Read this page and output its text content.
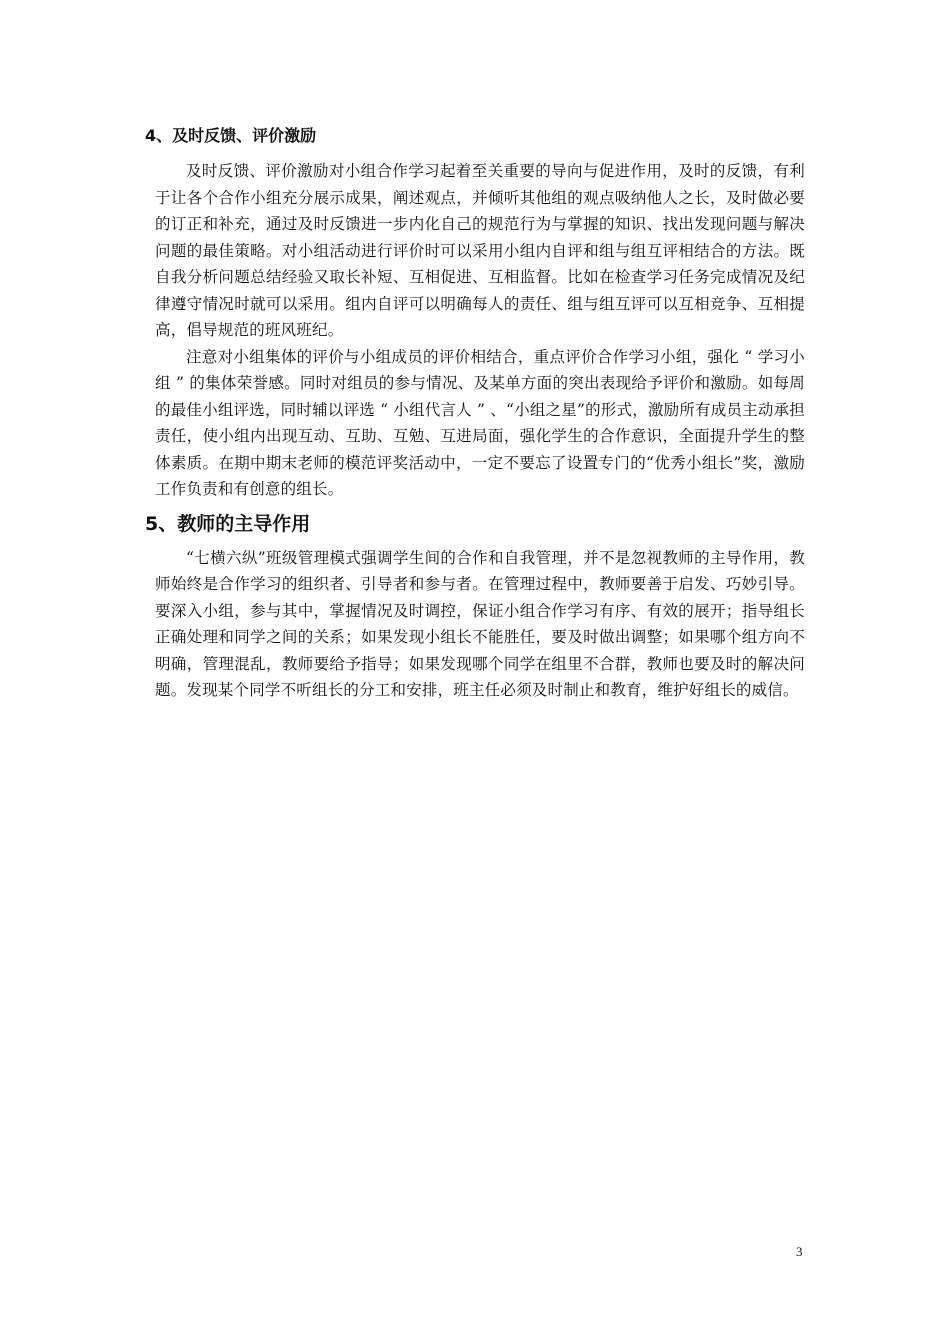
4、及时反馈、评价激励

及时反馈、评价激励对小组合作学习起着至关重要的导向与促进作用，及时的反馈，有利于让各个合作小组充分展示成果，阐述观点，并倾听其他组的观点吸纳他人之长，及时做必要的订正和补充，通过及时反馈进一步内化自己的规范行为与掌握的知识、找出发现问题与解决问题的最佳策略。对小组活动进行评价时可以采用小组内自评和组与组互评相结合的方法。既自我分析问题总结经验又取长补短、互相促进、互相监督。比如在检查学习任务完成情况及纪律遵守情况时就可以采用。组内自评可以明确每人的责任、组与组互评可以互相竞争、互相提高，倡导规范的班风班纪。

注意对小组集体的评价与小组成员的评价相结合，重点评价合作学习小组，强化 “ 学习小组 ” 的集体荣誉感。同时对组员的参与情况、及某单方面的突出表现给予评价和激励。如每周的最佳小组评选，同时辅以评选 “ 小组代言人 ” 、“小组之星”的形式，激励所有成员主动承担责任，使小组内出现互动、互助、互勉、互进局面，强化学生的合作意识，全面提升学生的整体素质。在期中期末老师的模范评奖活动中，一定不要忘了设置专门的“优秀小组长”奖，激励工作负责和有创意的组长。

5、教师的主导作用

“七横六纵”班级管理模式强调学生间的合作和自我管理，并不是忽视教师的主导作用，教师始终是合作学习的组织者、引导者和参与者。在管理过程中，教师要善于启发、巧妙引导。要深入小组，参与其中，掌握情况及时调控，保证小组合作学习有序、有效的展开；指导组长正确处理和同学之间的关系；如果发现小组长不能胜任，要及时做出调整；如果哪个组方向不明确，管理混乱，教师要给予指导；如果发现哪个同学在组里不合群，教师也要及时的解决问题。发现某个同学不听组长的分工和安排，班主任必须及时制止和教育，维护好组长的威信。

3
